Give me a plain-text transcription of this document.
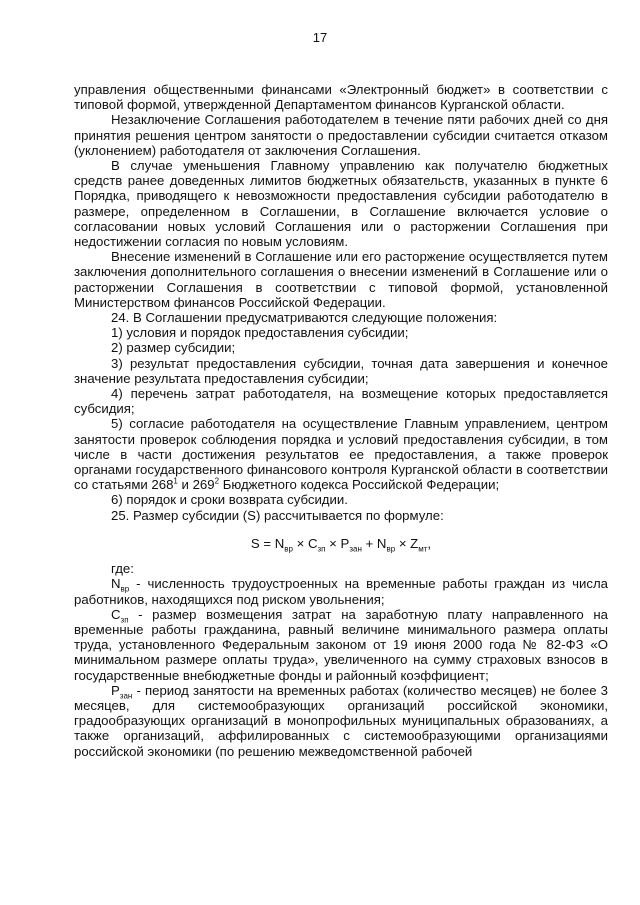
17

управления общественными финансами «Электронный бюджет» в соответствии с типовой формой, утвержденной Департаментом финансов Курганской области.

Незаключение Соглашения работодателем в течение пяти рабочих дней со дня принятия решения центром занятости о предоставлении субсидии считается отказом (уклонением) работодателя от заключения Соглашения.

В случае уменьшения Главному управлению как получателю бюджетных средств ранее доведенных лимитов бюджетных обязательств, указанных в пункте 6 Порядка, приводящего к невозможности предоставления субсидии работодателю в размере, определенном в Соглашении, в Соглашение включается условие о согласовании новых условий Соглашения или о расторжении Соглашения при недостижении согласия по новым условиям.

Внесение изменений в Соглашение или его расторжение осуществляется путем заключения дополнительного соглашения о внесении изменений в Соглашение или о расторжении Соглашения в соответствии с типовой формой, установленной Министерством финансов Российской Федерации.

24. В Соглашении предусматриваются следующие положения:

1) условия и порядок предоставления субсидии;

2) размер субсидии;

3) результат предоставления субсидии, точная дата завершения и конечное значение результата предоставления субсидии;

4) перечень затрат работодателя, на возмещение которых предоставляется субсидия;

5) согласие работодателя на осуществление Главным управлением, центром занятости проверок соблюдения порядка и условий предоставления субсидии, в том числе в части достижения результатов ее предоставления, а также проверок органами государственного финансового контроля Курганской области в соответствии со статьями $268^1$ и $269^2$ Бюджетного кодекса Российской Федерации;

6) порядок и сроки возврата субсидии.

25. Размер субсидии (S) рассчитывается по формуле:

$S = N_{вр} \times C_{зп} \times P_{зан} + N_{вр} \times Z_{мт}$,

где:

$N_{вр}$ - численность трудоустроенных на временные работы граждан из числа работников, находящихся под риском увольнения;

$C_{зп}$ - размер возмещения затрат на заработную плату направленного на временные работы гражданина, равный величине минимального размера оплаты труда, установленного Федеральным законом от 19 июня 2000 года № 82-ФЗ «О минимальном размере оплаты труда», увеличенного на сумму страховых взносов в государственные внебюджетные фонды и районный коэффициент;

$P_{зан}$ - период занятости на временных работах (количество месяцев) не более 3 месяцев, для системообразующих организаций российской экономики, градообразующих организаций в монопрофильных муниципальных образованиях, а также организаций, аффилированных с системообразующими организациями российской экономики (по решению межведомственной рабочей
